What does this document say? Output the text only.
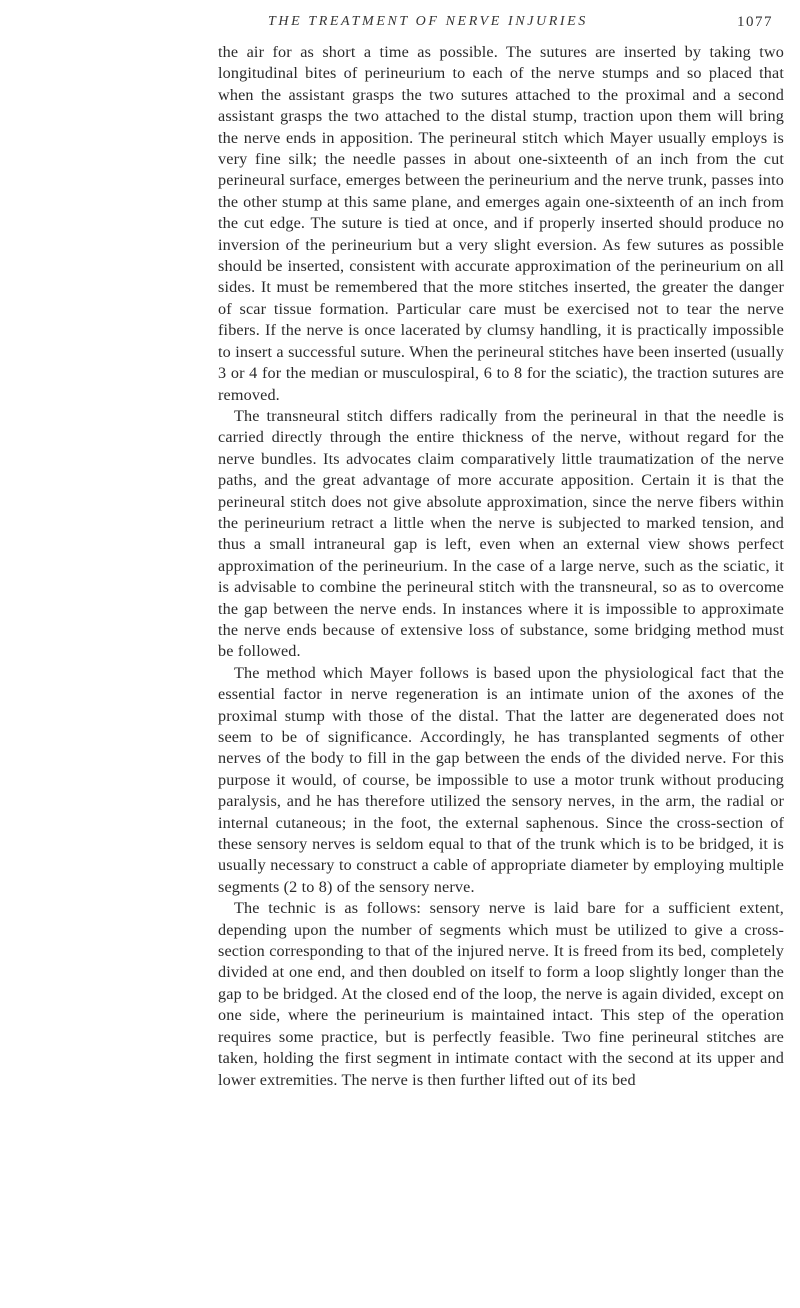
THE TREATMENT OF NERVE INJURIES	1077

the air for as short a time as possible. The sutures are inserted by taking two longitudinal bites of perineurium to each of the nerve stumps and so placed that when the assistant grasps the two sutures attached to the proximal and a second assistant grasps the two attached to the distal stump, traction upon them will bring the nerve ends in apposition. The perineural stitch which Mayer usually employs is very fine silk; the needle passes in about one-sixteenth of an inch from the cut perineural surface, emerges between the perineurium and the nerve trunk, passes into the other stump at this same plane, and emerges again one-sixteenth of an inch from the cut edge. The suture is tied at once, and if properly inserted should produce no inversion of the perineurium but a very slight eversion. As few sutures as possible should be inserted, consistent with accurate approximation of the perineurium on all sides. It must be remembered that the more stitches inserted, the greater the danger of scar tissue formation. Particular care must be exercised not to tear the nerve fibers. If the nerve is once lacerated by clumsy handling, it is practically impossible to insert a successful suture. When the perineural stitches have been inserted (usually 3 or 4 for the median or musculospiral, 6 to 8 for the sciatic), the traction sutures are removed.

The transneural stitch differs radically from the perineural in that the needle is carried directly through the entire thickness of the nerve, without regard for the nerve bundles. Its advocates claim comparatively little traumatization of the nerve paths, and the great advantage of more accurate apposition. Certain it is that the perineural stitch does not give absolute approximation, since the nerve fibers within the perineurium retract a little when the nerve is subjected to marked tension, and thus a small intraneural gap is left, even when an external view shows perfect approximation of the perineurium. In the case of a large nerve, such as the sciatic, it is advisable to combine the perineural stitch with the transneural, so as to overcome the gap between the nerve ends. In instances where it is impossible to approximate the nerve ends because of extensive loss of substance, some bridging method must be followed.

The method which Mayer follows is based upon the physiological fact that the essential factor in nerve regeneration is an intimate union of the axones of the proximal stump with those of the distal. That the latter are degenerated does not seem to be of significance. Accordingly, he has transplanted segments of other nerves of the body to fill in the gap between the ends of the divided nerve. For this purpose it would, of course, be impossible to use a motor trunk without producing paralysis, and he has therefore utilized the sensory nerves, in the arm, the radial or internal cutaneous; in the foot, the external saphenous. Since the cross-section of these sensory nerves is seldom equal to that of the trunk which is to be bridged, it is usually necessary to construct a cable of appropriate diameter by employing multiple segments (2 to 8) of the sensory nerve.

The technic is as follows: sensory nerve is laid bare for a sufficient extent, depending upon the number of segments which must be utilized to give a cross-section corresponding to that of the injured nerve. It is freed from its bed, completely divided at one end, and then doubled on itself to form a loop slightly longer than the gap to be bridged. At the closed end of the loop, the nerve is again divided, except on one side, where the perineurium is maintained intact. This step of the operation requires some practice, but is perfectly feasible. Two fine perineural stitches are taken, holding the first segment in intimate contact with the second at its upper and lower extremities. The nerve is then further lifted out of its bed
